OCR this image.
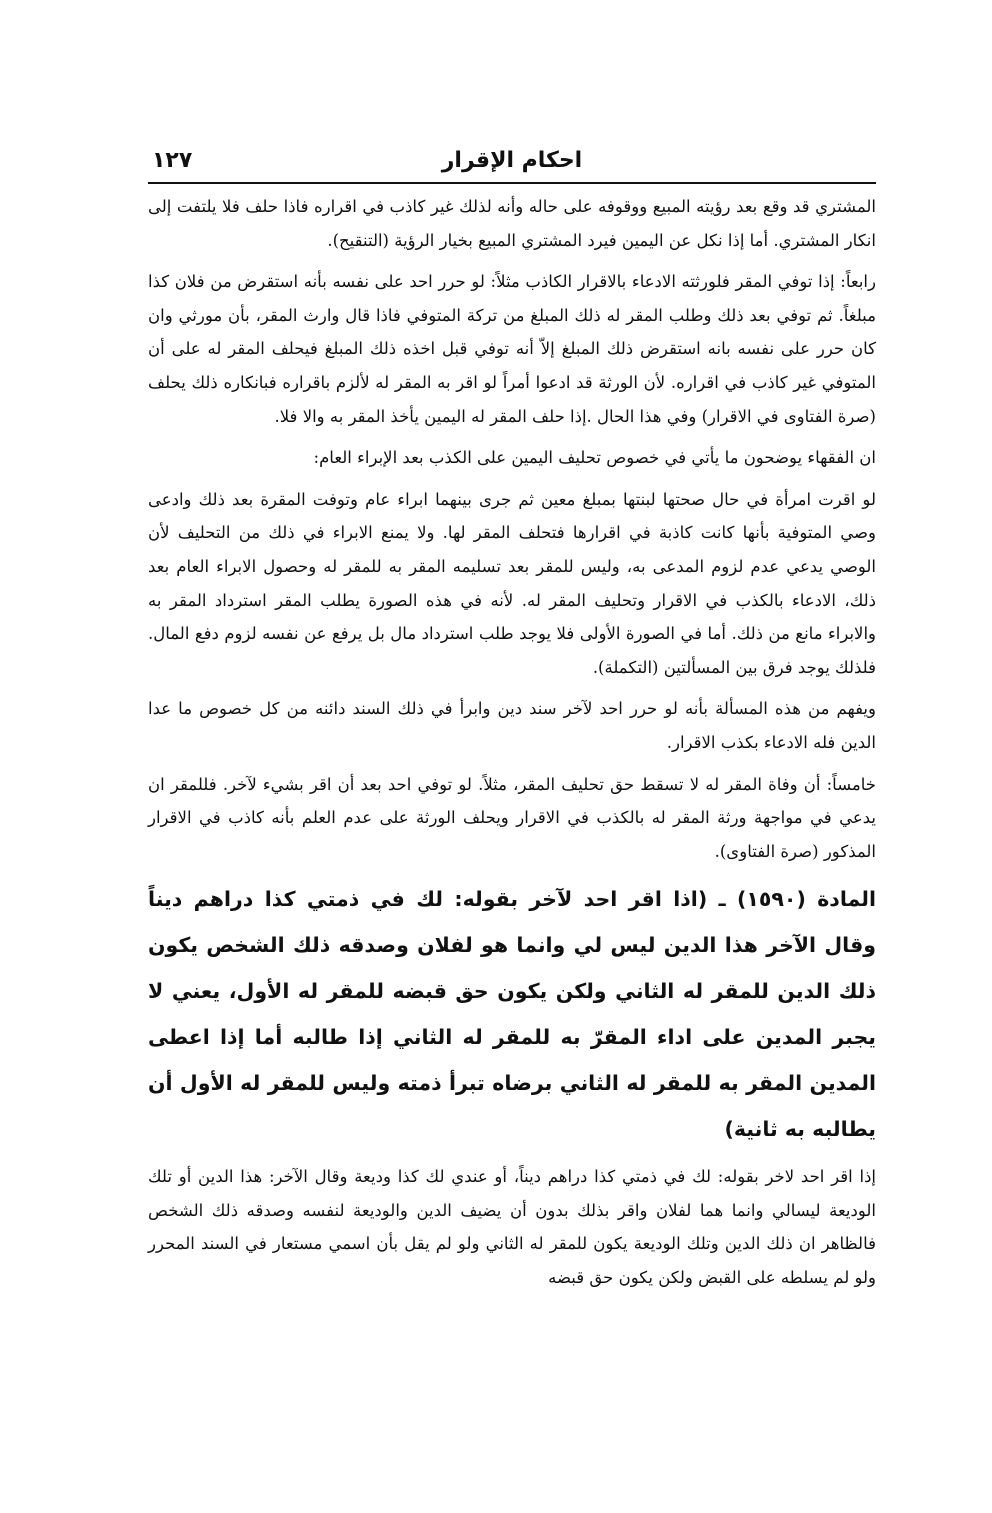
احكام الإقرار
١٢٧

المشتري قد وقع بعد رؤيته المبيع ووقوفه على حاله وأنه لذلك غير كاذب في اقراره فاذا حلف فلا يلتفت إلى انكار المشتري. أما إذا نكل عن اليمين فيرد المشتري المبيع بخيار الرؤية (التنقيح).

رابعاً: إذا توفي المقر فلورثته الادعاء بالاقرار الكاذب مثلاً: لو حرر احد على نفسه بأنه استقرض من فلان كذا مبلغاً. ثم توفي بعد ذلك وطلب المقر له ذلك المبلغ من تركة المتوفي فاذا قال وارث المقر، بأن مورثي وان كان حرر على نفسه بانه استقرض ذلك المبلغ إلاّ أنه توفي قبل اخذه ذلك المبلغ فيحلف المقر له على أن المتوفي غير كاذب في اقراره. لأن الورثة قد ادعوا أمراً لو اقر به المقر له لألزم باقراره فبانكاره ذلك يحلف (صرة الفتاوى في الاقرار) وفي هذا الحال .إذا حلف المقر له اليمين يأخذ المقر به والا فلا.

ان الفقهاء يوضحون ما يأتي في خصوص تحليف اليمين على الكذب بعد الإبراء العام:

لو اقرت امرأة في حال صحتها لبنتها بمبلغ معين ثم جرى بينهما ابراء عام وتوفت المقرة بعد ذلك وادعى وصي المتوفية بأنها كانت كاذبة في اقرارها فتحلف المقر لها. ولا يمنع الابراء في ذلك من التحليف لأن الوصي يدعي عدم لزوم المدعى به، وليس للمقر بعد تسليمه المقر به للمقر له وحصول الابراء العام بعد ذلك، الادعاء بالكذب في الاقرار وتحليف المقر له. لأنه في هذه الصورة يطلب المقر استرداد المقر به والابراء مانع من ذلك. أما في الصورة الأولى فلا يوجد طلب استرداد مال بل يرفع عن نفسه لزوم دفع المال. فلذلك يوجد فرق بين المسألتين (التكملة).

ويفهم من هذه المسألة بأنه لو حرر احد لآخر سند دين وابرأ في ذلك السند دائنه من كل خصوص ما عدا الدين فله الادعاء بكذب الاقرار.

خامساً: أن وفاة المقر له لا تسقط حق تحليف المقر، مثلاً. لو توفي احد بعد أن اقر بشيء لآخر. فللمقر ان يدعي في مواجهة ورثة المقر له بالكذب في الاقرار ويحلف الورثة على عدم العلم بأنه كاذب في الاقرار المذكور (صرة الفتاوى).

المادة (١٥٩٠) ـ (اذا اقر احد لآخر بقوله: لك في ذمتي كذا دراهم ديناً وقال الآخر هذا الدين ليس لي وانما هو لفلان وصدقه ذلك الشخص يكون ذلك الدين للمقر له الثاني ولكن يكون حق قبضه للمقر له الأول، يعني لا يجبر المدين على اداء المقرّ به للمقر له الثاني إذا طالبه أما إذا اعطى المدين المقر به للمقر له الثاني برضاه تبرأ ذمته وليس للمقر له الأول أن يطالبه به ثانية)

إذا اقر احد لاخر بقوله: لك في ذمتي كذا دراهم ديناً، أو عندي لك كذا وديعة وقال الآخر: هذا الدين أو تلك الوديعة ليسالي وانما هما لفلان واقر بذلك بدون أن يضيف الدين والوديعة لنفسه وصدقه ذلك الشخص فالظاهر ان ذلك الدين وتلك الوديعة يكون للمقر له الثاني ولو لم يقل بأن اسمي مستعار في السند المحرر ولو لم يسلطه على القبض ولكن يكون حق قبضه
